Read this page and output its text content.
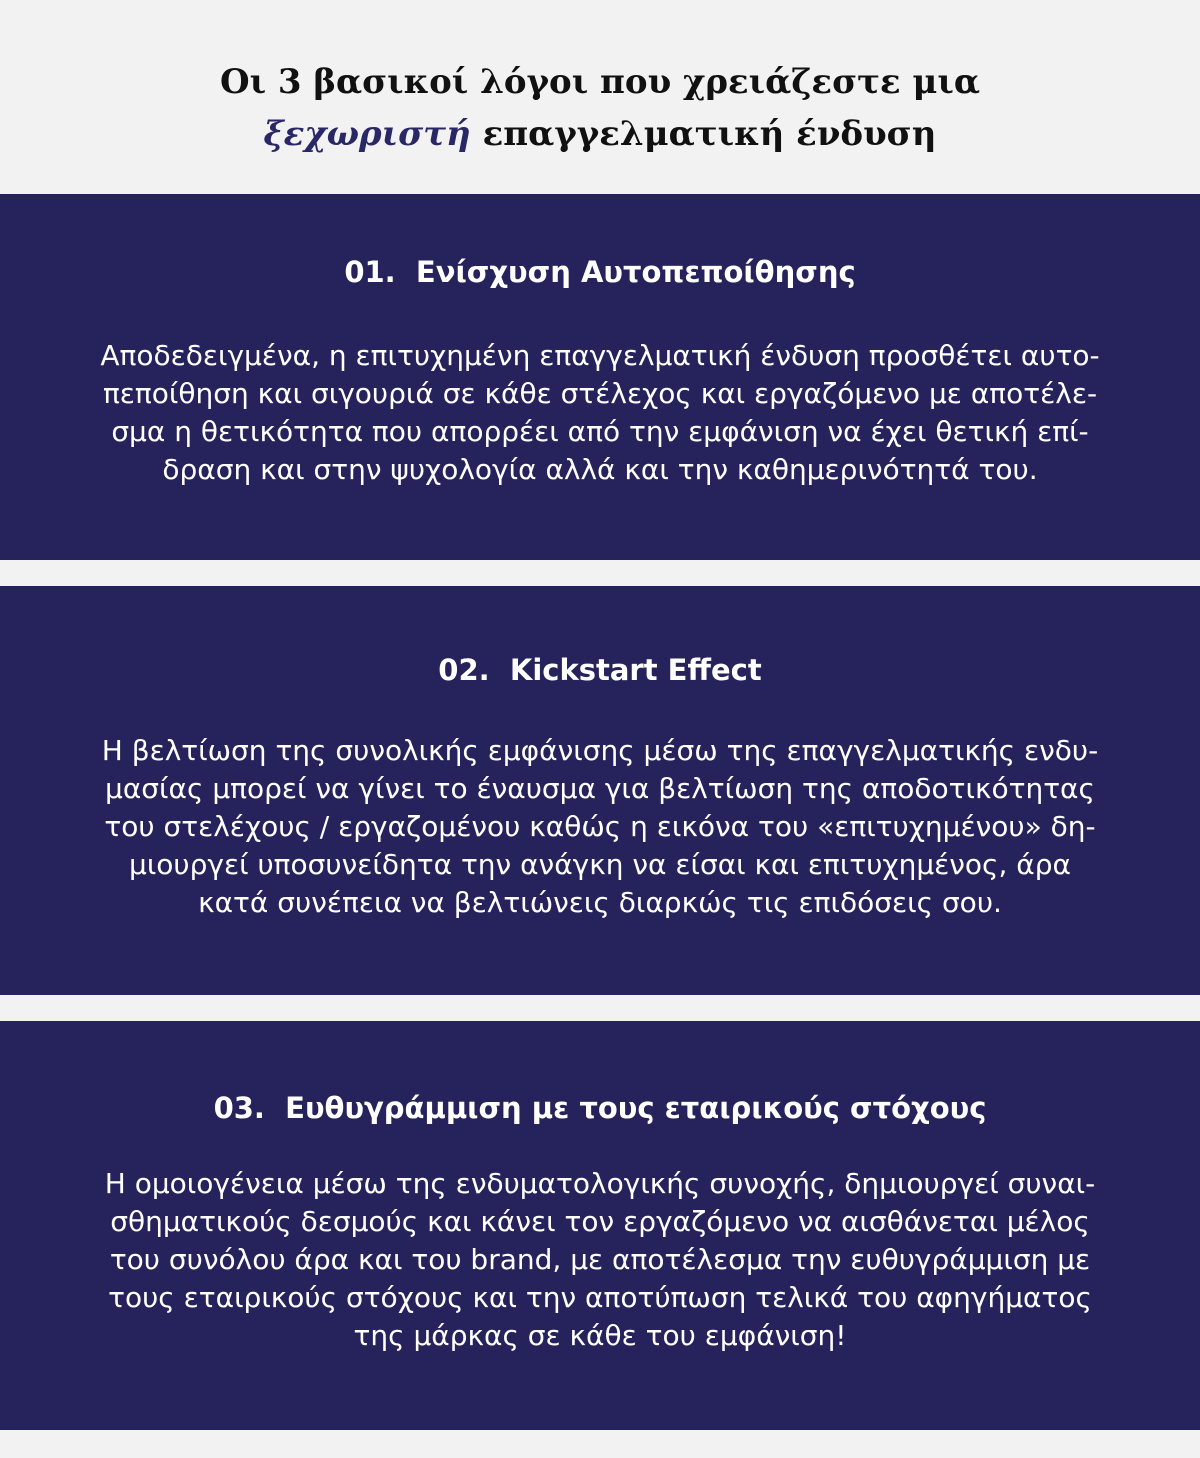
Οι 3 βασικοί λόγοι που χρειάζεστε μια
ξεχωριστή επαγγελματική ένδυση
01. Ενίσχυση Αυτοπεποίθησης
Αποδεδειγμένα, η επιτυχημένη επαγγελματική ένδυση προσθέτει αυτο-
πεποίθηση και σιγουριά σε κάθε στέλεχος και εργαζόμενο με αποτέλε-
σμα η θετικότητα που απορρέει από την εμφάνιση να έχει θετική επί-
δραση και στην ψυχολογία αλλά και την καθημερινότητά του.
02. Kickstart Effect
Η βελτίωση της συνολικής εμφάνισης μέσω της επαγγελματικής ενδυ-
μασίας μπορεί να γίνει το έναυσμα για βελτίωση της αποδοτικότητας
του στελέχους / εργαζομένου καθώς η εικόνα του «επιτυχημένου» δη-
μιουργεί υποσυνείδητα την ανάγκη να είσαι και επιτυχημένος, άρα
κατά συνέπεια να βελτιώνεις διαρκώς τις επιδόσεις σου.
03. Ευθυγράμμιση με τους εταιρικούς στόχους
Η ομοιογένεια μέσω της ενδυματολογικής συνοχής, δημιουργεί συναι-
σθηματικούς δεσμούς και κάνει τον εργαζόμενο να αισθάνεται μέλος
του συνόλου άρα και του brand, με αποτέλεσμα την ευθυγράμμιση με
τους εταιρικούς στόχους και την αποτύπωση τελικά του αφηγήματος
της μάρκας σε κάθε του εμφάνιση!
